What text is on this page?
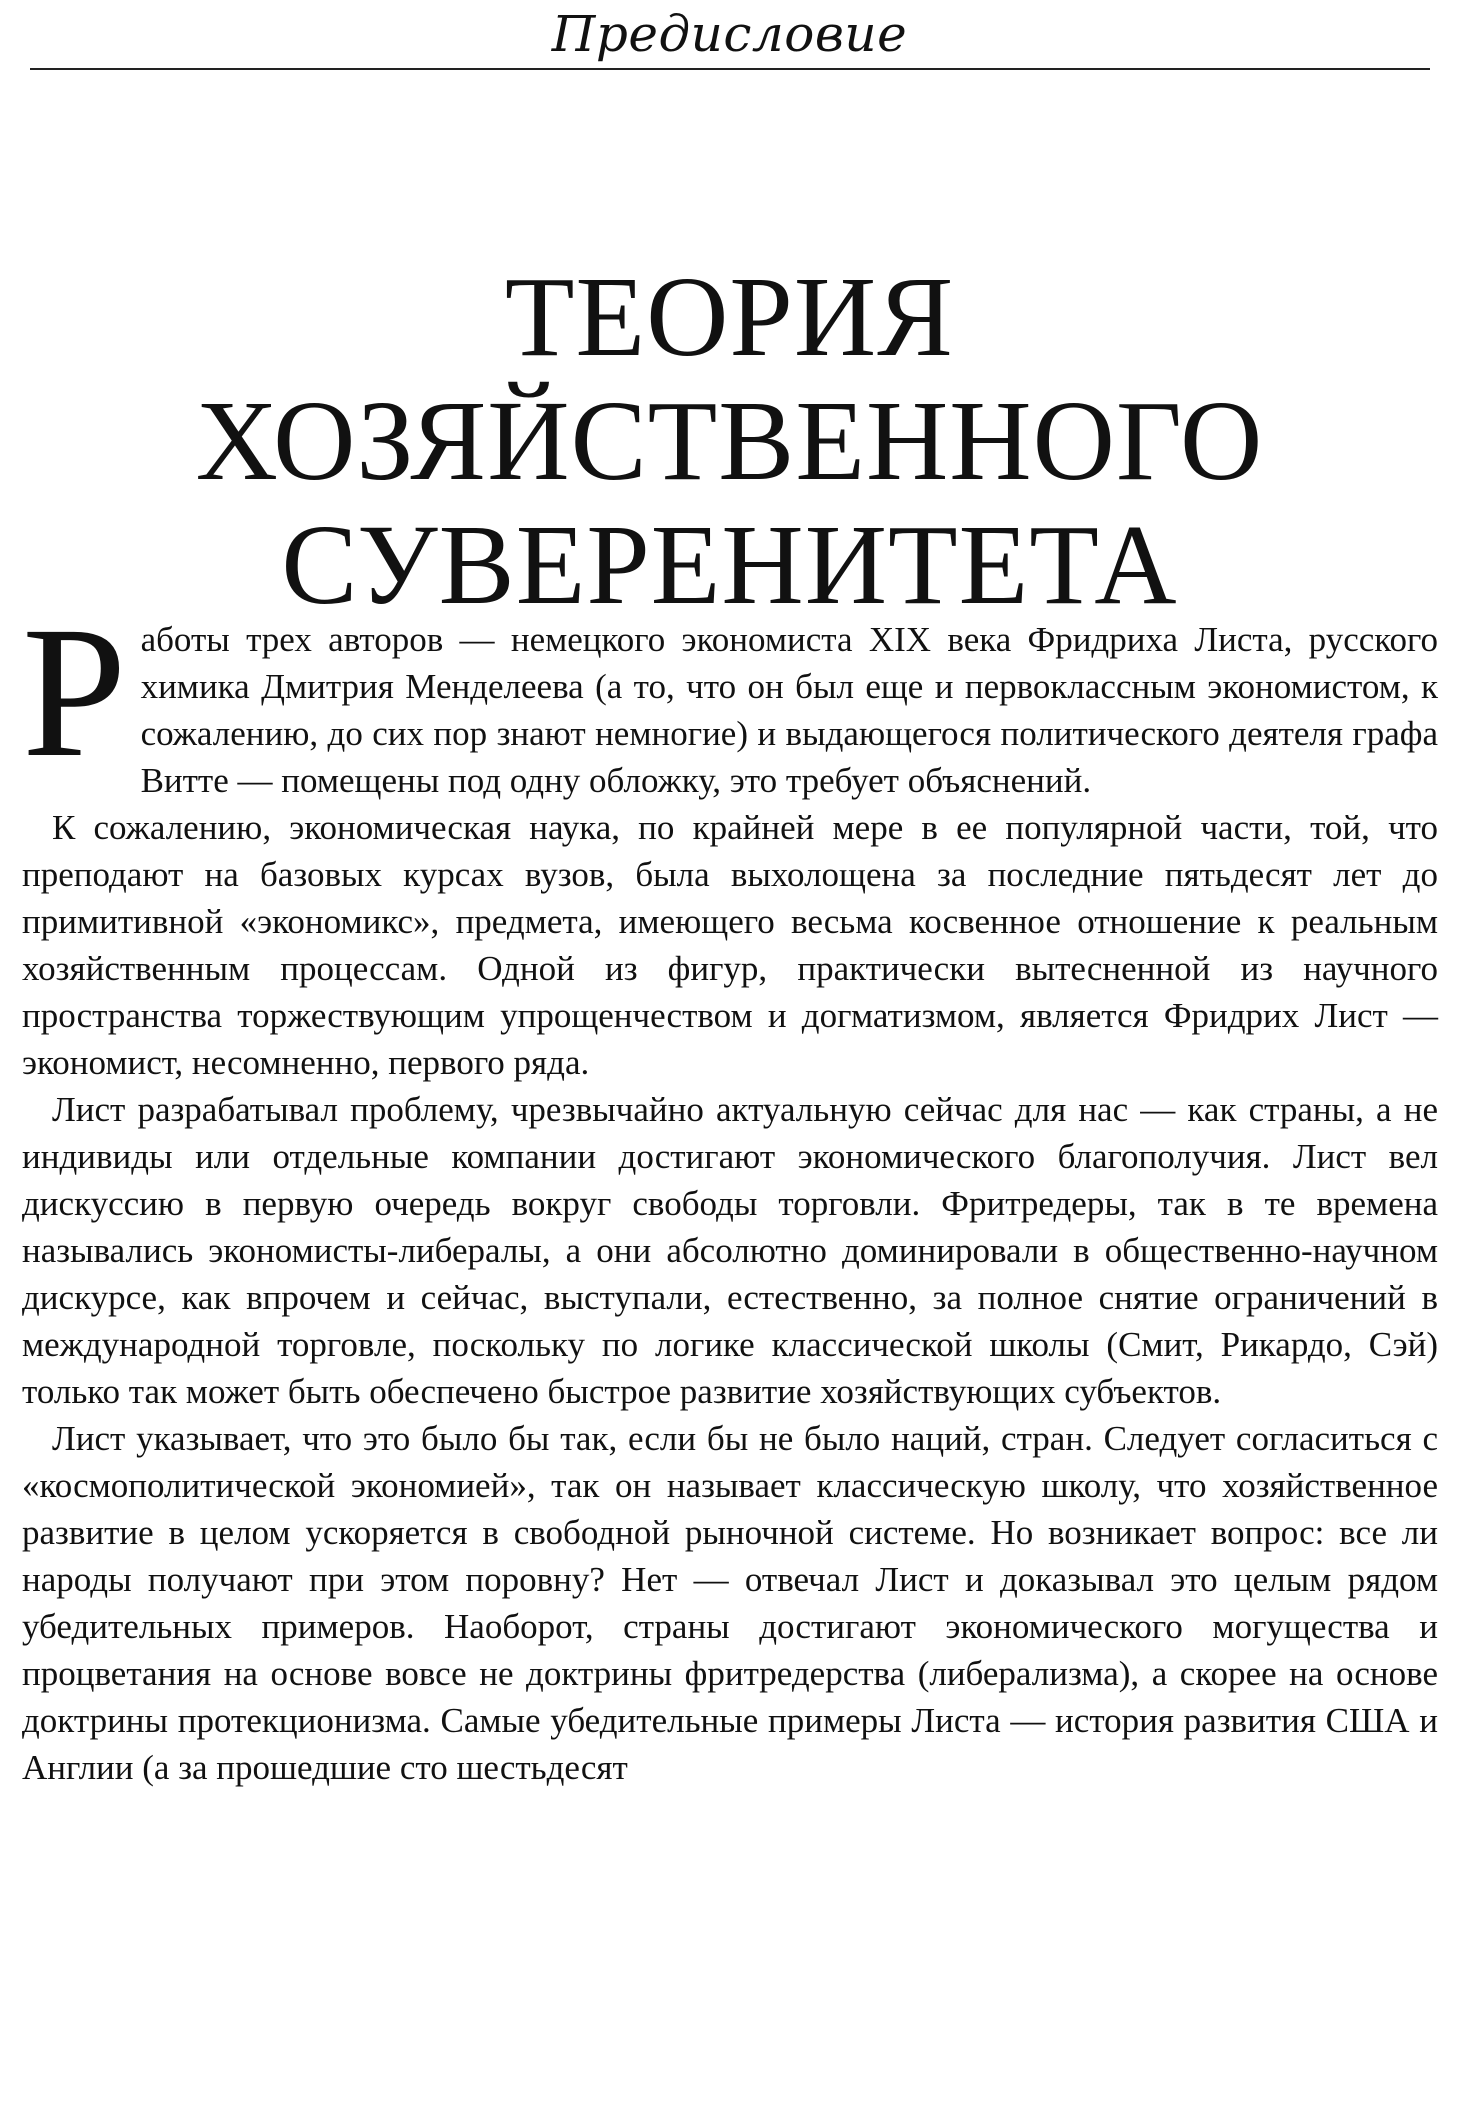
Предисловие
ТЕОРИЯ ХОЗЯЙСТВЕННОГО
СУВЕРЕНИТЕТА

Работы трех авторов — немецкого экономиста XIX века Фридриха Листа, русского химика Дмитрия Менделеева (а то, что он был еще и первоклассным экономистом, к сожалению, до сих пор знают немногие) и выдающегося политического деятеля графа Витте — помещены под одну обложку, это требует объяснений.

К сожалению, экономическая наука, по крайней мере в ее популярной части, той, что преподают на базовых курсах вузов, была выхолощена за последние пятьдесят лет до примитивной «экономикс», предмета, имеющего весьма косвенное отношение к реальным хозяйственным процессам. Одной из фигур, практически вытесненной из научного пространства торжествующим упрощенчеством и догматизмом, является Фридрих Лист — экономист, несомненно, первого ряда.

Лист разрабатывал проблему, чрезвычайно актуальную сейчас для нас — как страны, а не индивиды или отдельные компании достигают экономического благополучия. Лист вел дискуссию в первую очередь вокруг свободы торговли. Фритредеры, так в те времена назывались экономисты-либералы, а они абсолютно доминировали в общественно-научном дискурсе, как впрочем и сейчас, выступали, естественно, за полное снятие ограничений в международной торговле, поскольку по логике классической школы (Смит, Рикардо, Сэй) только так может быть обеспечено быстрое развитие хозяйствующих субъектов.

Лист указывает, что это было бы так, если бы не было наций, стран. Следует согласиться с «космополитической экономией», так он называет классическую школу, что хозяйственное развитие в целом ускоряется в свободной рыночной системе. Но возникает вопрос: все ли народы получают при этом поровну? Нет — отвечал Лист и доказывал это целым рядом убедительных примеров. Наоборот, страны достигают экономического могущества и процветания на основе вовсе не доктрины фритредерства (либерализма), а скорее на основе доктрины протекционизма. Самые убедительные примеры Листа — история развития США и Англии (а за прошедшие сто шестьдесят
